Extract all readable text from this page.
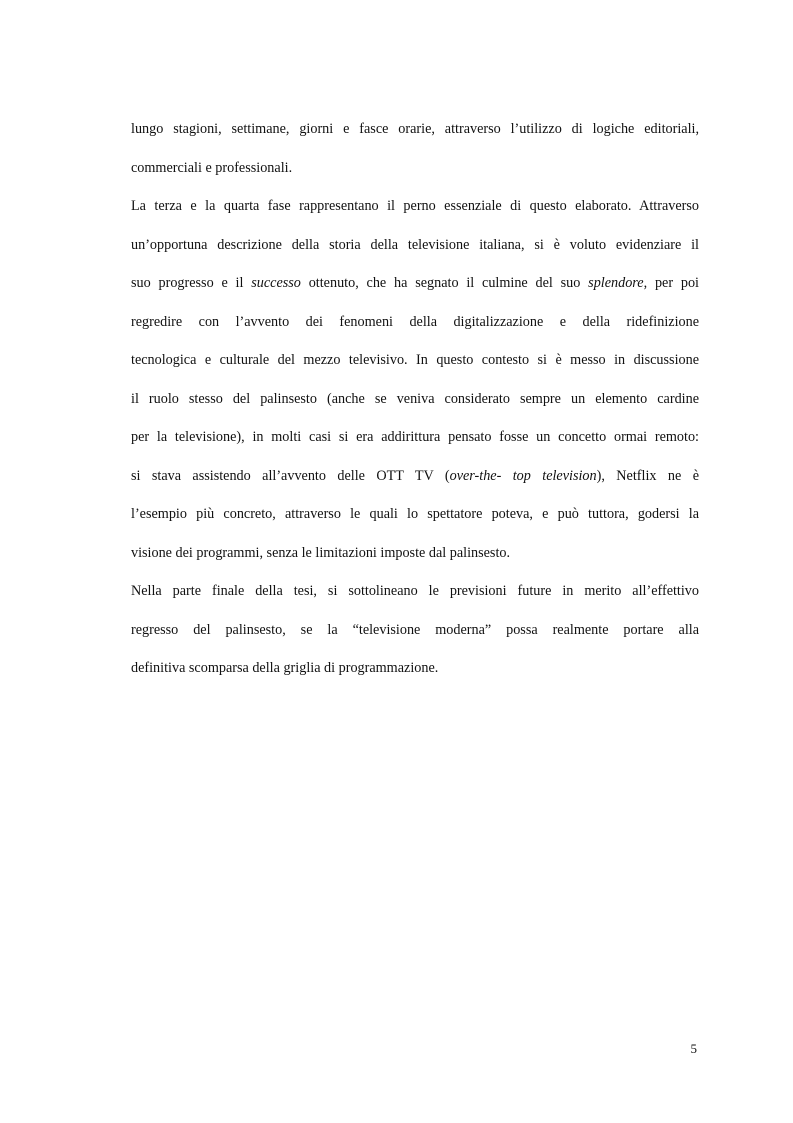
lungo stagioni, settimane, giorni e fasce orarie, attraverso l’utilizzo di logiche editoriali,
commerciali e professionali.
La terza e la quarta fase rappresentano il perno essenziale di questo elaborato. Attraverso
un’opportuna descrizione della storia della televisione italiana, si è voluto evidenziare il
suo progresso e il successo ottenuto, che ha segnato il culmine del suo splendore, per poi
regredire con l’avvento dei fenomeni della digitalizzazione e della ridefinizione
tecnologica e culturale del mezzo televisivo. In questo contesto si è messo in discussione
il ruolo stesso del palinsesto (anche se veniva considerato sempre un elemento cardine
per la televisione), in molti casi si era addirittura pensato fosse un concetto ormai remoto:
si stava assistendo all’avvento delle OTT TV (over-the- top television), Netflix ne è
l’esempio più concreto, attraverso le quali lo spettatore poteva, e può tuttora, godersi la
visione dei programmi, senza le limitazioni imposte dal palinsesto.
Nella parte finale della tesi, si sottolineano le previsioni future in merito all’effettivo
regresso del palinsesto, se la “televisione moderna” possa realmente portare alla
definitiva scomparsa della griglia di programmazione.
5
